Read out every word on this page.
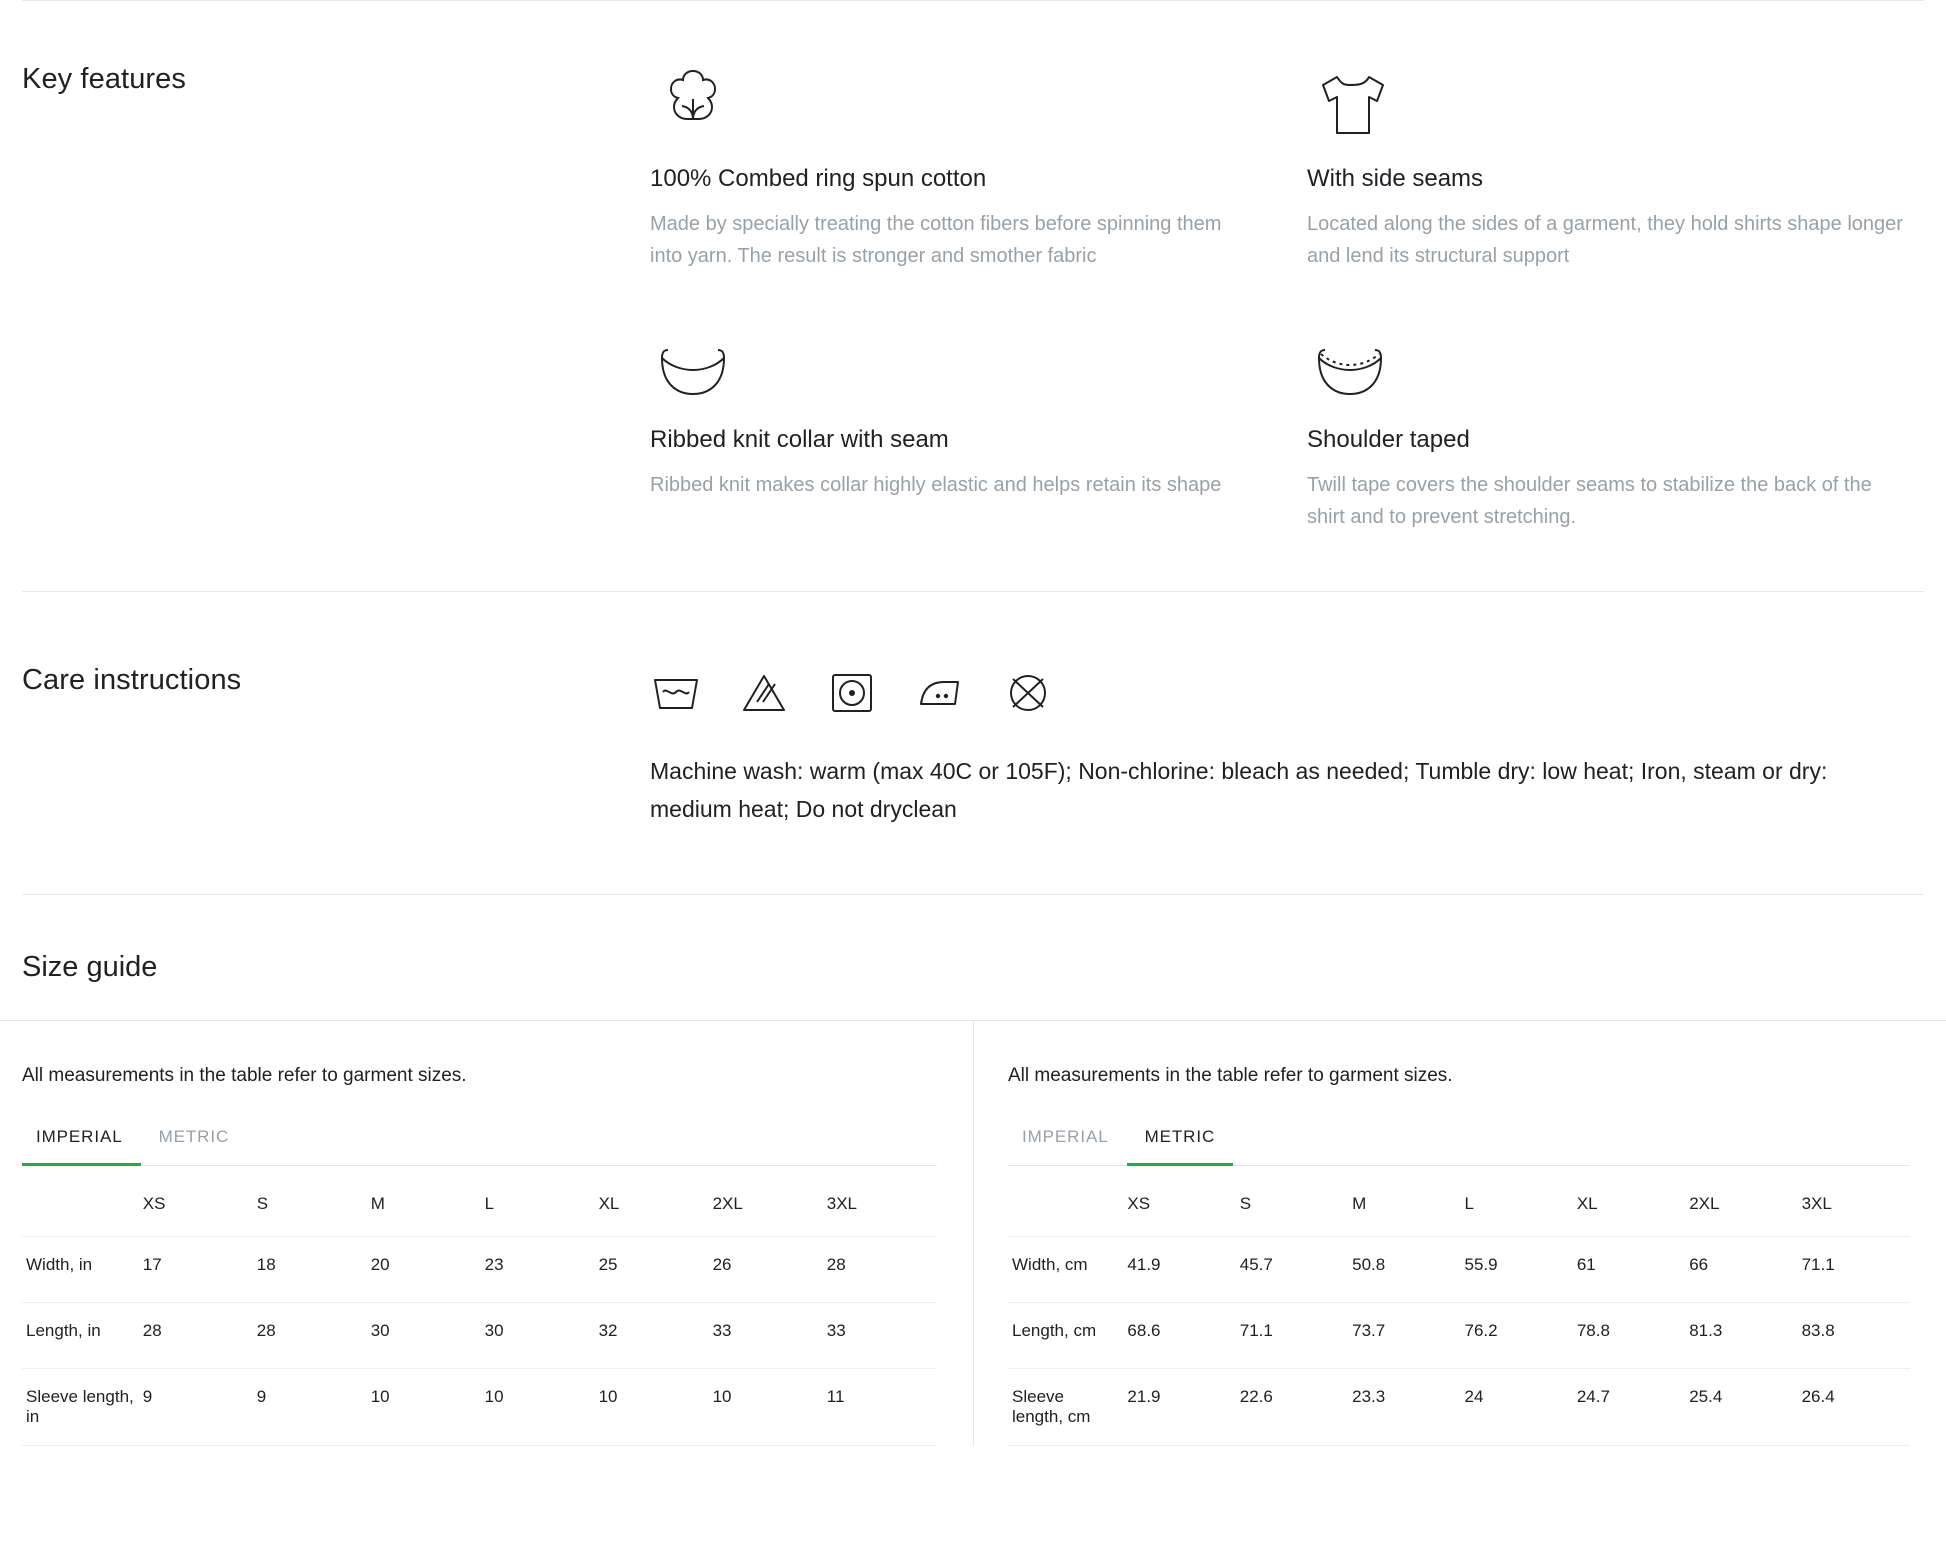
Key features
100% Combed ring spun cotton
Made by specially treating the cotton fibers before spinning them into yarn. The result is stronger and smother fabric
With side seams
Located along the sides of a garment, they hold shirts shape longer and lend its structural support
Ribbed knit collar with seam
Ribbed knit makes collar highly elastic and helps retain its shape
Shoulder taped
Twill tape covers the shoulder seams to stabilize the back of the shirt and to prevent stretching.
Care instructions
Machine wash: warm (max 40C or 105F); Non-chlorine: bleach as needed; Tumble dry: low heat; Iron, steam or dry: medium heat; Do not dryclean
Size guide
All measurements in the table refer to garment sizes.
IMPERIAL	METRIC
	XS	S	M	L	XL	2XL	3XL
Width, in	17	18	20	23	25	26	28
Length, in	28	28	30	30	32	33	33
Sleeve length, in	9	9	10	10	10	10	11
All measurements in the table refer to garment sizes.
IMPERIAL	METRIC
	XS	S	M	L	XL	2XL	3XL
Width, cm	41.9	45.7	50.8	55.9	61	66	71.1
Length, cm	68.6	71.1	73.7	76.2	78.8	81.3	83.8
Sleeve length, cm	21.9	22.6	23.3	24	24.7	25.4	26.4
